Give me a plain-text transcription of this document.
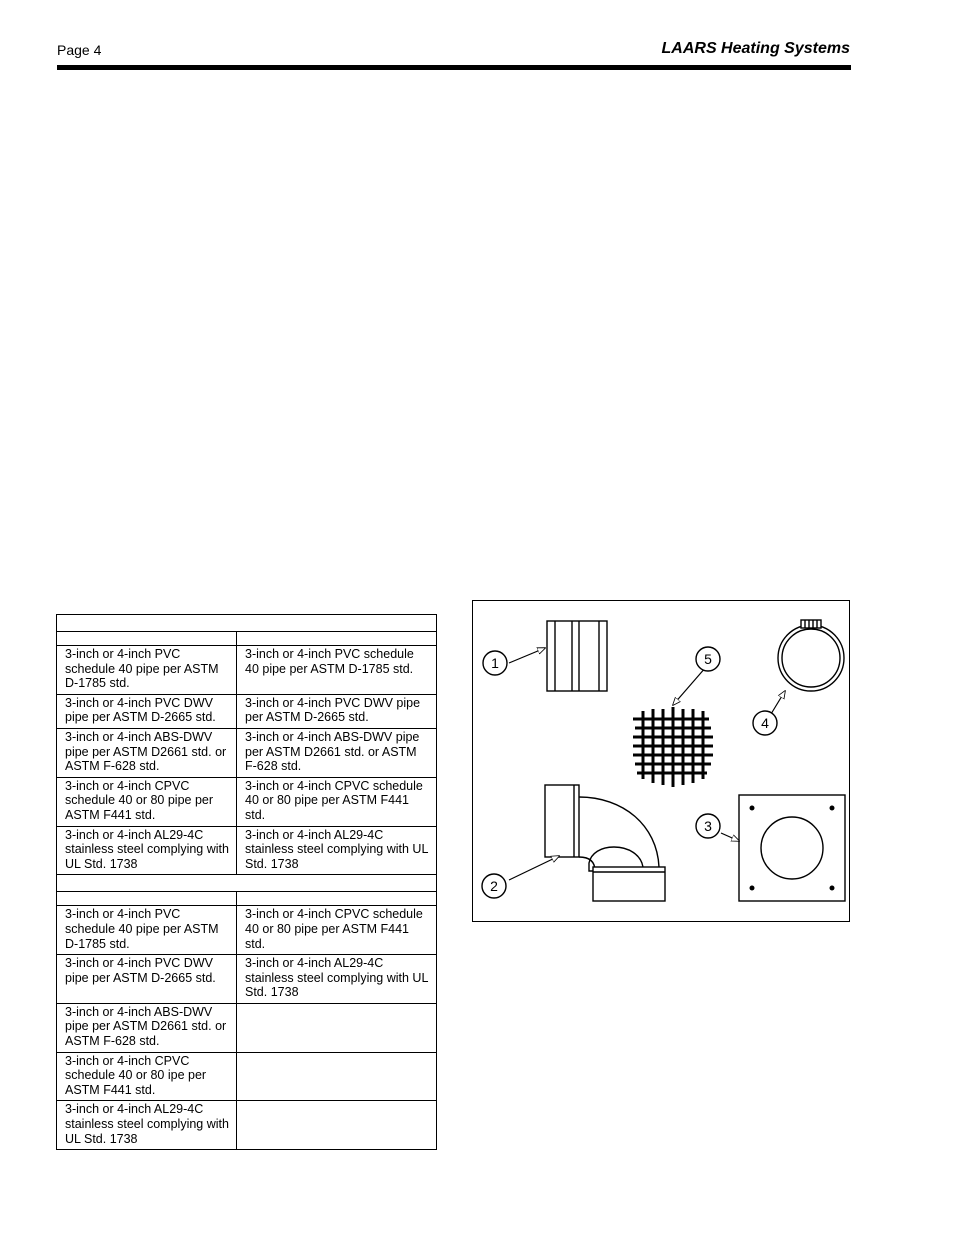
Page 4	LAARS Heating Systems

3-inch or 4-inch PVC schedule 40 pipe per ASTM D-1785 std.	3-inch or 4-inch PVC schedule 40 pipe per ASTM D-1785 std.
3-inch or 4-inch PVC DWV pipe per ASTM D-2665 std.	3-inch or 4-inch PVC DWV pipe per ASTM D-2665 std.
3-inch or 4-inch ABS-DWV pipe per ASTM D2661 std. or ASTM F-628 std.	3-inch or 4-inch ABS-DWV pipe per ASTM D2661 std. or ASTM F-628 std.
3-inch or 4-inch CPVC schedule 40 or 80 pipe per ASTM F441 std.	3-inch or 4-inch CPVC schedule 40 or 80 pipe per ASTM F441 std.
3-inch or 4-inch AL29-4C stainless steel complying with UL Std. 1738	3-inch or 4-inch AL29-4C stainless steel complying with UL Std. 1738

3-inch or 4-inch PVC schedule 40 pipe per ASTM D-1785 std.	3-inch or 4-inch CPVC schedule 40 or 80 pipe per ASTM F441 std.
3-inch or 4-inch PVC DWV pipe per ASTM D-2665 std.	3-inch or 4-inch AL29-4C stainless steel complying with UL Std. 1738
3-inch or 4-inch ABS-DWV pipe per ASTM D2661 std. or ASTM F-628 std.	
3-inch or 4-inch CPVC schedule 40 or 80 ipe per ASTM F441 std.	
3-inch or 4-inch AL29-4C stainless steel complying with UL Std. 1738	
1	5
4
3
2
